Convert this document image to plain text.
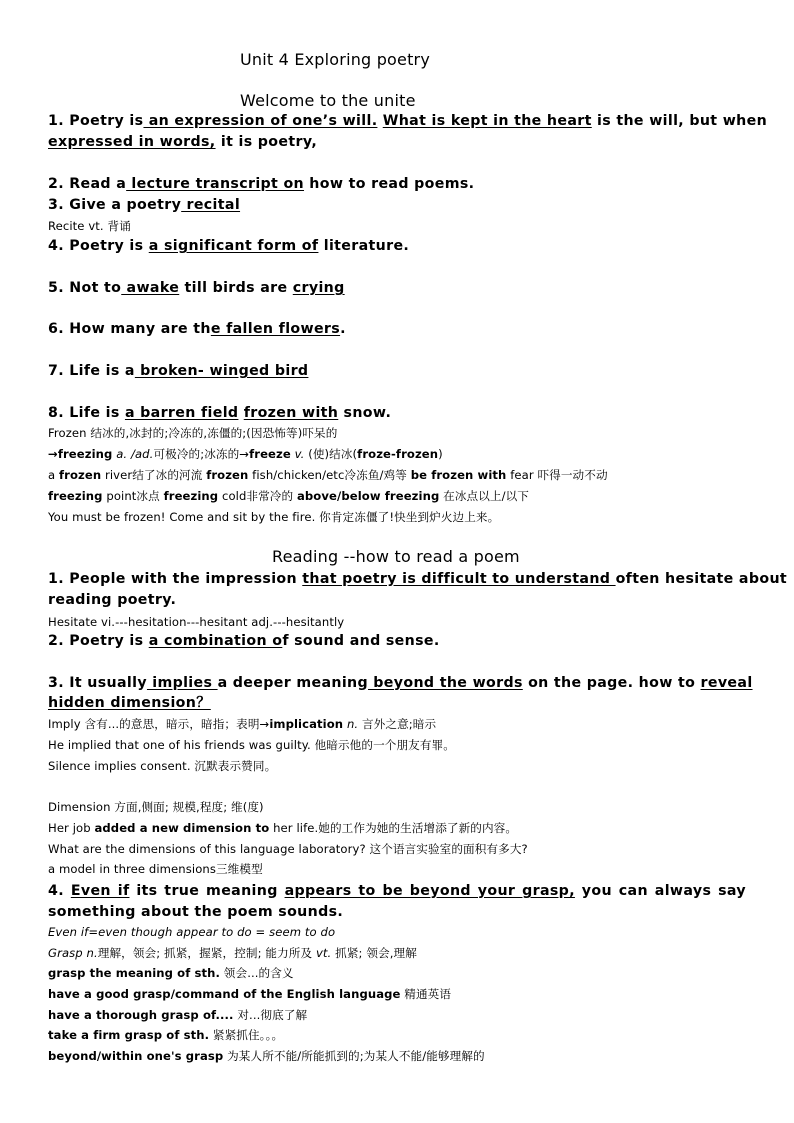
Unit 4 Exploring poetry
Welcome to the unite
1. Poetry is an expression of one’s will. What is kept in the heart is the will, but when
expressed in words, it is poetry,
2. Read a lecture transcript on how to read poems.
3. Give a poetry recital
Recite vt. 背诵
4. Poetry is a significant form of literature.
5. Not to awake till birds are crying
6. How many are the fallen flowers.
7. Life is a broken- winged bird
8. Life is a barren field frozen with snow.
Frozen 结冰的,冰封的;冷冻的,冻僵的;(因恐怖等)吓呆的
→freezing a. /ad.可极冷的;冰冻的→freeze v. (使)结冰(froze-frozen)
a frozen river结了冰的河流 frozen fish/chicken/etc冷冻鱼/鸡等 be frozen with fear 吓得一动不动
freezing point冰点 freezing cold非常冷的 above/below freezing 在冰点以上/以下
You must be frozen! Come and sit by the fire. 你肯定冻僵了!快坐到炉火边上来。
Reading --how to read a poem
1. People with the impression that poetry is difficult to understand often hesitate about
reading poetry.
Hesitate vi.---hesitation---hesitant adj.---hesitantly
2. Poetry is a combination of sound and sense.
3. It usually implies a deeper meaning beyond the words on the page. how to reveal
hidden dimension？
Imply 含有...的意思，暗示，暗指；表明→implication n. 言外之意;暗示
He implied that one of his friends was guilty. 他暗示他的一个朋友有罪。
Silence implies consent. 沉默表示赞同。
Dimension 方面,侧面; 规模,程度; 维(度)
Her job added a new dimension to her life.她的工作为她的生活增添了新的内容。
What are the dimensions of this language laboratory? 这个语言实验室的面积有多大?
a model in three dimensions三维模型
4. Even if its true meaning appears to be beyond your grasp, you can always say
something about the poem sounds.
Even if=even though appear to do = seem to do
Grasp n.理解，领会; 抓紧，握紧，控制; 能力所及 vt. 抓紧; 领会,理解
grasp the meaning of sth. 领会...的含义
have a good grasp/command of the English language 精通英语
have a thorough grasp of.... 对...彻底了解
take a firm grasp of sth. 紧紧抓住。。。
beyond/within one's grasp 为某人所不能/所能抓到的;为某人不能/能够理解的
